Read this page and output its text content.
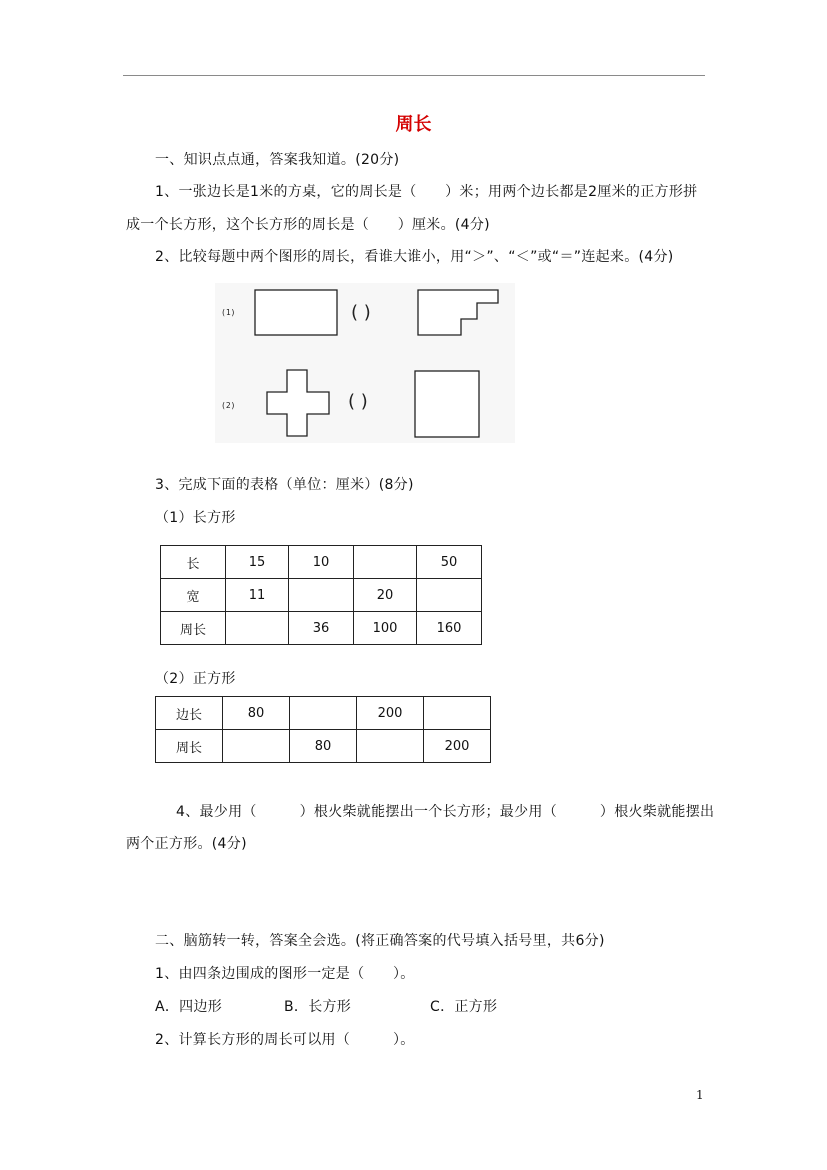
周长
一、知识点点通，答案我知道。(20分)
1、一张边长是1米的方桌，它的周长是（　　）米；用两个边长都是2厘米的正方形拼
成一个长方形，这个长方形的周长是（　　）厘米。(4分)
2、比较每题中两个图形的周长，看谁大谁小，用“＞”、“＜”或“＝”连起来。(4分)
(1)
(2)
( )
( )
3、完成下面的表格（单位：厘米）(8分)
（1）长方形
长	15	10		50
宽	11		20	
周长		36	100	160
（2）正方形
边长	80		200	
周长		80		200
4、最少用（　　　）根火柴就能摆出一个长方形；最少用（　　　）根火柴就能摆出
两个正方形。(4分)
二、脑筋转一转，答案全会选。(将正确答案的代号填入括号里，共6分)
1、由四条边围成的图形一定是（　　）。
A．四边形	B．长方形	C．正方形
2、计算长方形的周长可以用（　　　）。
1
